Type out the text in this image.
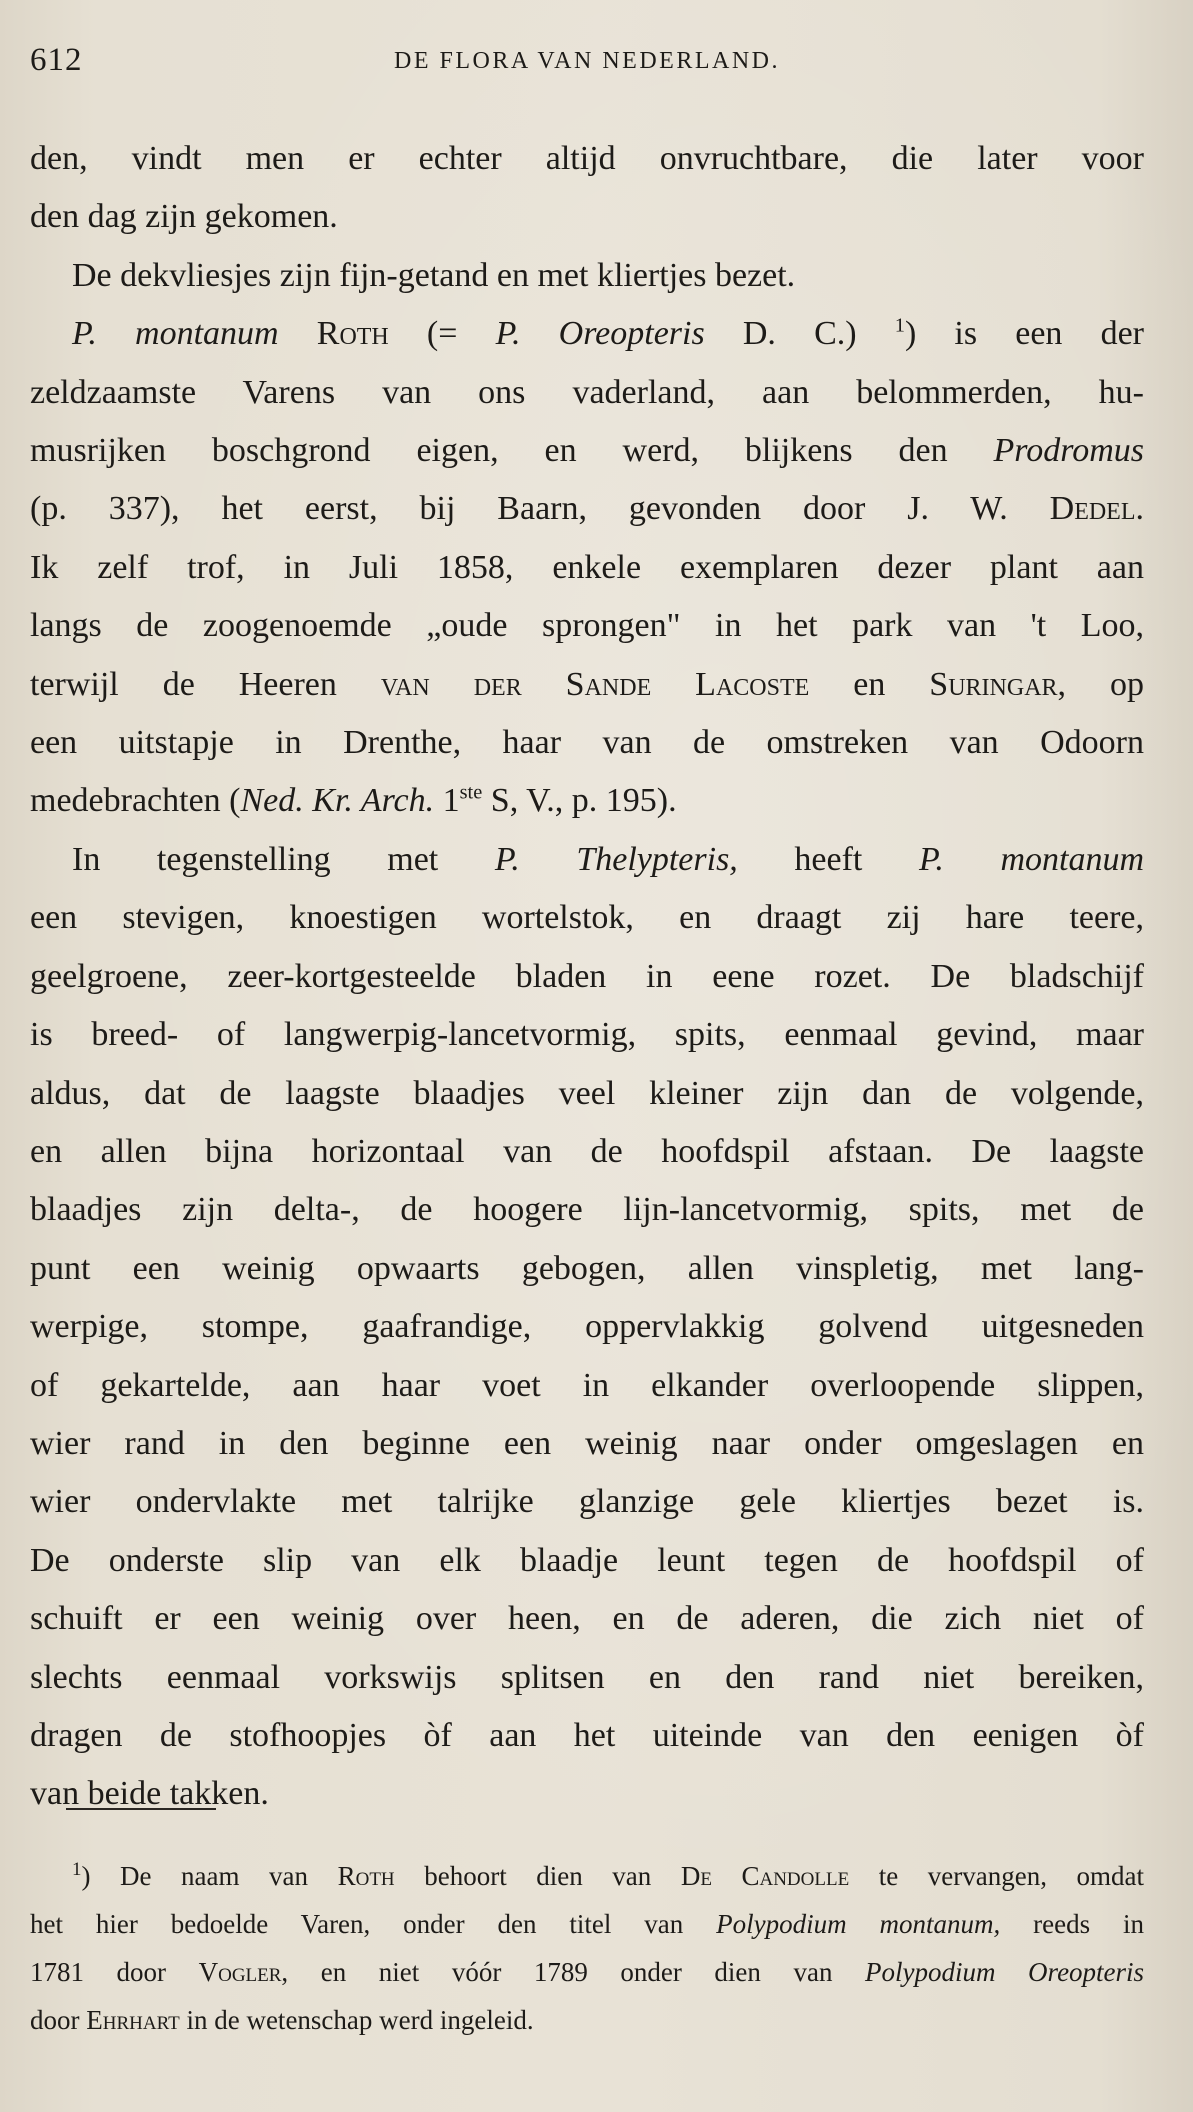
612	DE FLORA VAN NEDERLAND.

den, vindt men er echter altijd onvruchtbare, die later voor

den dag zijn gekomen.

De dekvliesjes zijn fijn-getand en met kliertjes bezet.

P. montanum Roth (= P. Oreopteris D. C.) $^1$) is een der

zeldzaamste Varens van ons vaderland, aan belommerden, hu-

musrijken boschgrond eigen, en werd, blijkens den Prodromus

(p. 337), het eerst, bij Baarn, gevonden door J. W. Dedel.

Ik zelf trof, in Juli 1858, enkele exemplaren dezer plant aan

langs de zoogenoemde „oude sprongen" in het park van 't Loo,

terwijl de Heeren van der Sande Lacoste en Suringar, op

een uitstapje in Drenthe, haar van de omstreken van Odoorn

medebrachten (Ned. Kr. Arch. 1ste S, V., p. 195).

In tegenstelling met P. Thelypteris, heeft P. montanum

een stevigen, knoestigen wortelstok, en draagt zij hare teere,

geelgroene, zeer-kortgesteelde bladen in eene rozet. De bladschijf

is breed- of langwerpig-lancetvormig, spits, eenmaal gevind, maar

aldus, dat de laagste blaadjes veel kleiner zijn dan de volgende,

en allen bijna horizontaal van de hoofdspil afstaan. De laagste

blaadjes zijn delta-, de hoogere lijn-lancetvormig, spits, met de

punt een weinig opwaarts gebogen, allen vinspletig, met lang-

werpige, stompe, gaafrandige, oppervlakkig golvend uitgesneden

of gekartelde, aan haar voet in elkander overloopende slippen,

wier rand in den beginne een weinig naar onder omgeslagen en

wier ondervlakte met talrijke glanzige gele kliertjes bezet is.

De onderste slip van elk blaadje leunt tegen de hoofdspil of

schuift er een weinig over heen, en de aderen, die zich niet of

slechts eenmaal vorkswijs splitsen en den rand niet bereiken,

dragen de stofhoopjes òf aan het uiteinde van den eenigen òf

van beide takken.

$^1$) De naam van Roth behoort dien van De Candolle te vervangen, omdat
het hier bedoelde Varen, onder den titel van Polypodium montanum, reeds in
1781 door Vogler, en niet vóór 1789 onder dien van Polypodium Oreopteris
door Ehrhart in de wetenschap werd ingeleid.
